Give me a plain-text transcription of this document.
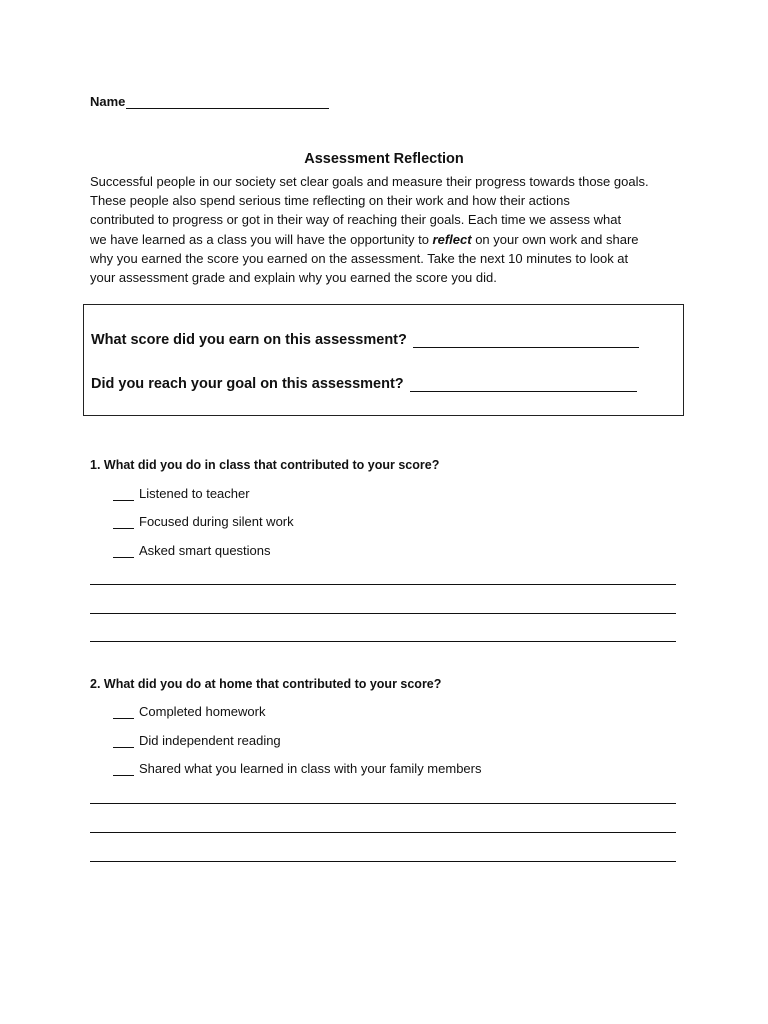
Name
Assessment Reflection
Successful people in our society set clear goals and measure their progress towards those goals.
These people also spend serious time reflecting on their work and how their actions
contributed to progress or got in their way of reaching their goals. Each time we assess what
we have learned as a class you will have the opportunity to reflect on your own work and share
why you earned the score you earned on the assessment. Take the next 10 minutes to look at
your assessment grade and explain why you earned the score you did.
What score did you earn on this assessment?
Did you reach your goal on this assessment?
1. What did you do in class that contributed to your score?
Listened to teacher
Focused during silent work
Asked smart questions
2. What did you do at home that contributed to your score?
Completed homework
Did independent reading
Shared what you learned in class with your family members
